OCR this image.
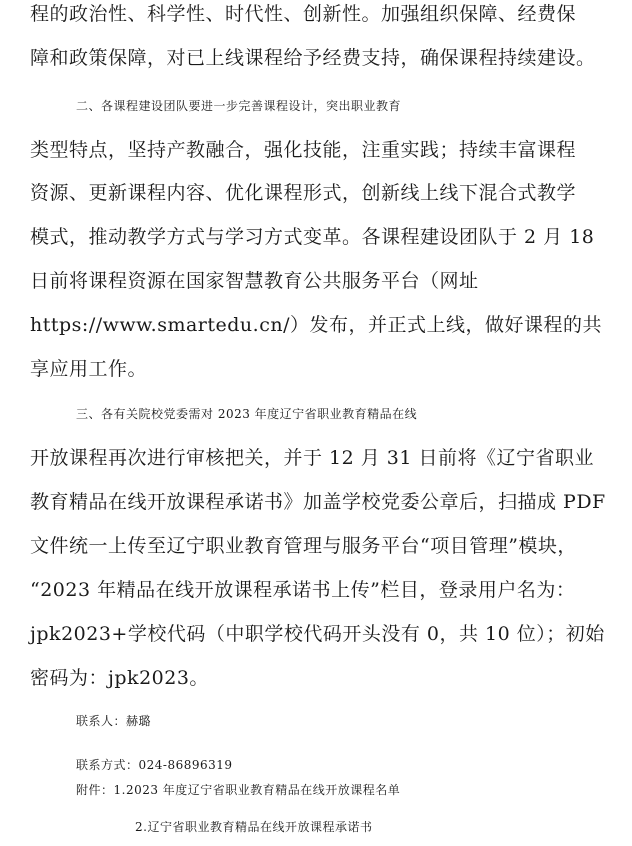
程的政治性、科学性、时代性、创新性。加强组织保障、经费保
障和政策保障，对已上线课程给予经费支持，确保课程持续建设。
二、各课程建设团队要进一步完善课程设计，突出职业教育
类型特点，坚持产教融合，强化技能，注重实践；持续丰富课程
资源、更新课程内容、优化课程形式，创新线上线下混合式教学
模式，推动教学方式与学习方式变革。各课程建设团队于 2 月 18
日前将课程资源在国家智慧教育公共服务平台（网址
https://www.smartedu.cn/）发布，并正式上线，做好课程的共
享应用工作。
三、各有关院校党委需对 2023 年度辽宁省职业教育精品在线
开放课程再次进行审核把关，并于 12 月 31 日前将《辽宁省职业
教育精品在线开放课程承诺书》加盖学校党委公章后，扫描成 PDF
文件统一上传至辽宁职业教育管理与服务平台“项目管理”模块，
“2023 年精品在线开放课程承诺书上传”栏目，登录用户名为：
jpk2023+学校代码（中职学校代码开头没有 0，共 10 位）；初始
密码为：jpk2023。
联系人：赫璐
联系方式：024-86896319
附件：1.2023 年度辽宁省职业教育精品在线开放课程名单
2.辽宁省职业教育精品在线开放课程承诺书
